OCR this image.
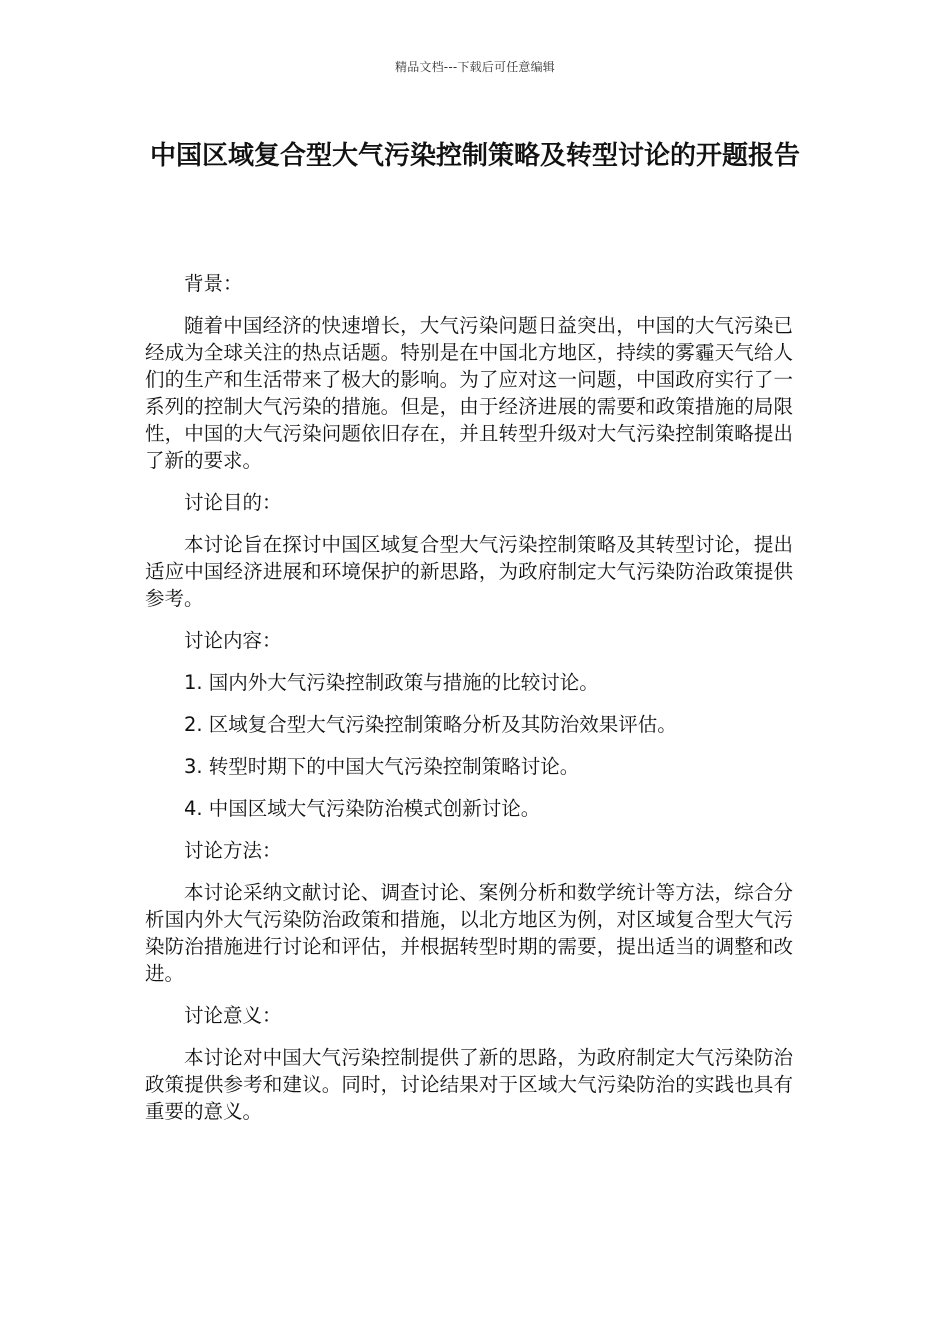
精品文档---下载后可任意编辑
中国区域复合型大气污染控制策略及转型讨论的开题报告

背景：

随着中国经济的快速增长，大气污染问题日益突出，中国的大气污染已经成为全球关注的热点话题。特别是在中国北方地区，持续的雾霾天气给人们的生产和生活带来了极大的影响。为了应对这一问题，中国政府实行了一系列的控制大气污染的措施。但是，由于经济进展的需要和政策措施的局限性，中国的大气污染问题依旧存在，并且转型升级对大气污染控制策略提出了新的要求。

讨论目的：

本讨论旨在探讨中国区域复合型大气污染控制策略及其转型讨论，提出适应中国经济进展和环境保护的新思路，为政府制定大气污染防治政策提供参考。

讨论内容：

1. 国内外大气污染控制政策与措施的比较讨论。

2. 区域复合型大气污染控制策略分析及其防治效果评估。

3. 转型时期下的中国大气污染控制策略讨论。

4. 中国区域大气污染防治模式创新讨论。

讨论方法：

本讨论采纳文献讨论、调查讨论、案例分析和数学统计等方法，综合分析国内外大气污染防治政策和措施，以北方地区为例，对区域复合型大气污染防治措施进行讨论和评估，并根据转型时期的需要，提出适当的调整和改进。

讨论意义：

本讨论对中国大气污染控制提供了新的思路，为政府制定大气污染防治政策提供参考和建议。同时，讨论结果对于区域大气污染防治的实践也具有重要的意义。
